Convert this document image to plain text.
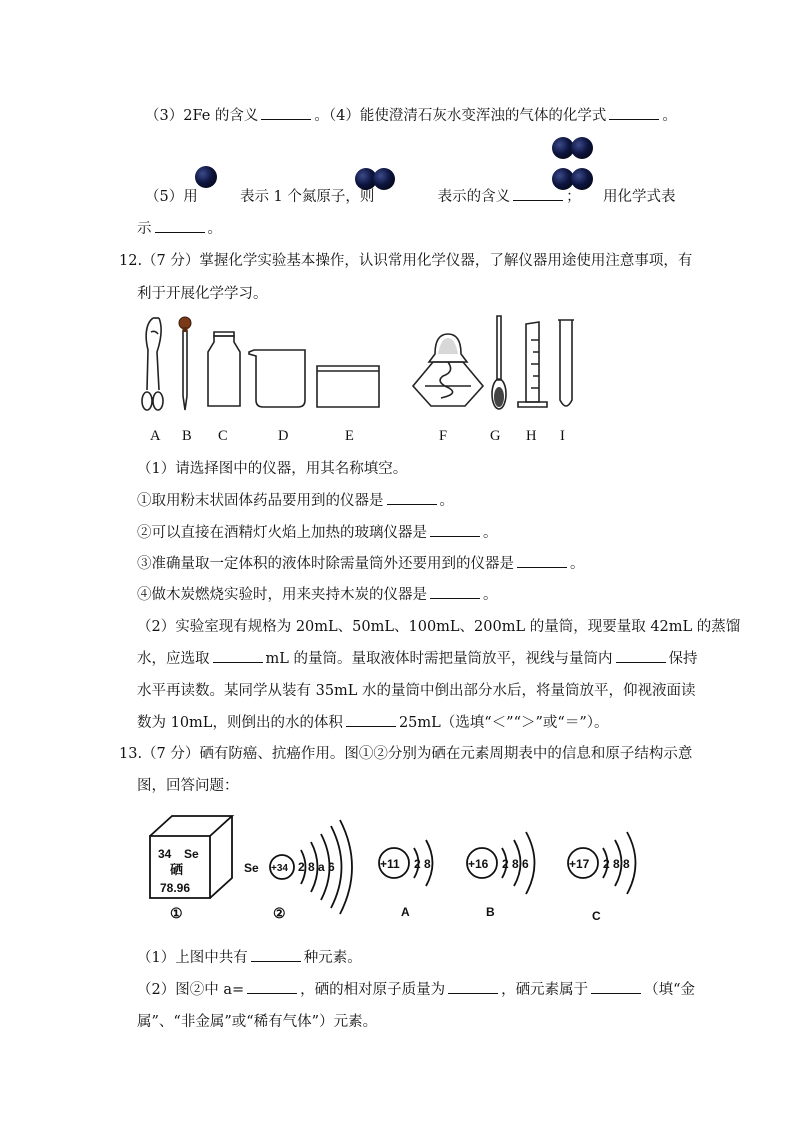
（3）2Fe 的含义	。（4）能使澄清石灰水变浑浊的气体的化学式	。
（5）用	表示 1 个氮原子，则	表示的含义	； 用化学式表
示	。
12.（7 分）掌握化学实验基本操作，认识常用化学仪器，了解仪器用途使用注意事项，有
利于开展化学学习。
A B C	D	E	F	G H I
（1）请选择图中的仪器，用其名称填空。
①取用粉末状固体药品要用到的仪器是	。
②可以直接在酒精灯火焰上加热的玻璃仪器是	。
③准确量取一定体积的液体时除需量筒外还要用到的仪器是	。
④做木炭燃烧实验时，用来夹持木炭的仪器是	。
（2）实验室现有规格为 20mL、50mL、100mL、200mL 的量筒，现要量取 42mL 的蒸馏
水，应选取	mL 的量筒。量取液体时需把量筒放平，视线与量筒内	保持
水平再读数。某同学从装有 35mL 水的量筒中倒出部分水后，将量筒放平，仰视液面读
数为 10mL，则倒出的水的体积	25mL（选填“＜”“＞”或“＝”）。
13.（7 分）硒有防癌、抗癌作用。图①②分别为硒在元素周期表中的信息和原子结构示意
图，回答问题：
34 Se
硒
78.96
①
Se +34 2 8 a 6
②
+11 2 8
A
+16 2 8 6
B
+17 2 8 8
C
（1）上图中共有	种元素。
（2）图②中 a=	，硒的相对原子质量为	，硒元素属于	（填“金
属”、“非金属”或“稀有气体”）元素。
